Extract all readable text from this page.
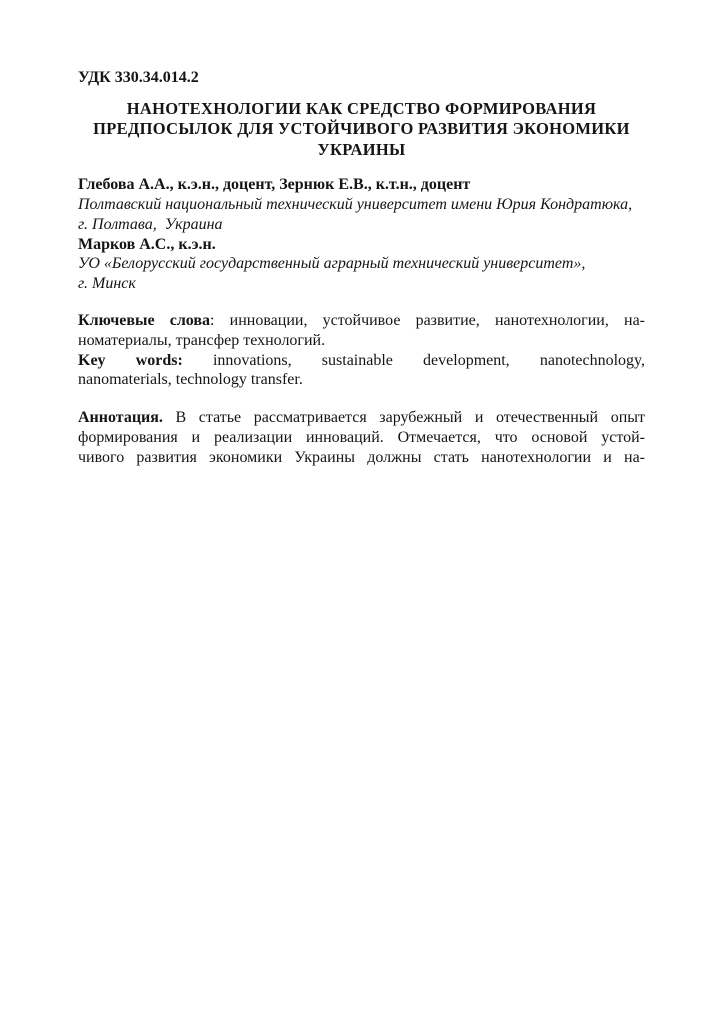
УДК 330.34.014.2

НАНОТЕХНОЛОГИИ КАК СРЕДСТВО ФОРМИРОВАНИЯ
ПРЕДПОСЫЛОК ДЛЯ УСТОЙЧИВОГО РАЗВИТИЯ ЭКОНОМИКИ
УКРАИНЫ

Глебова А.А., к.э.н., доцент, Зернюк Е.В., к.т.н., доцент

Полтавский национальный технический университет имени Юрия Кондратюка,

г. Полтава,  Украина

Марков А.С., к.э.н.

УО «Белорусский государственный аграрный технический университет»,

г. Минск

Ключевые слова: инновации, устойчивое развитие, нанотехнологии, на-

номатериалы, трансфер технологий.

Key words: innovations, sustainable development, nanotechnology,

nanomaterials, technology transfer.

Аннотация. В статье рассматривается зарубежный и отечественный опыт

формирования и реализации инноваций. Отмечается, что основой устой-

чивого развития экономики Украины должны стать нанотехнологии и на-
